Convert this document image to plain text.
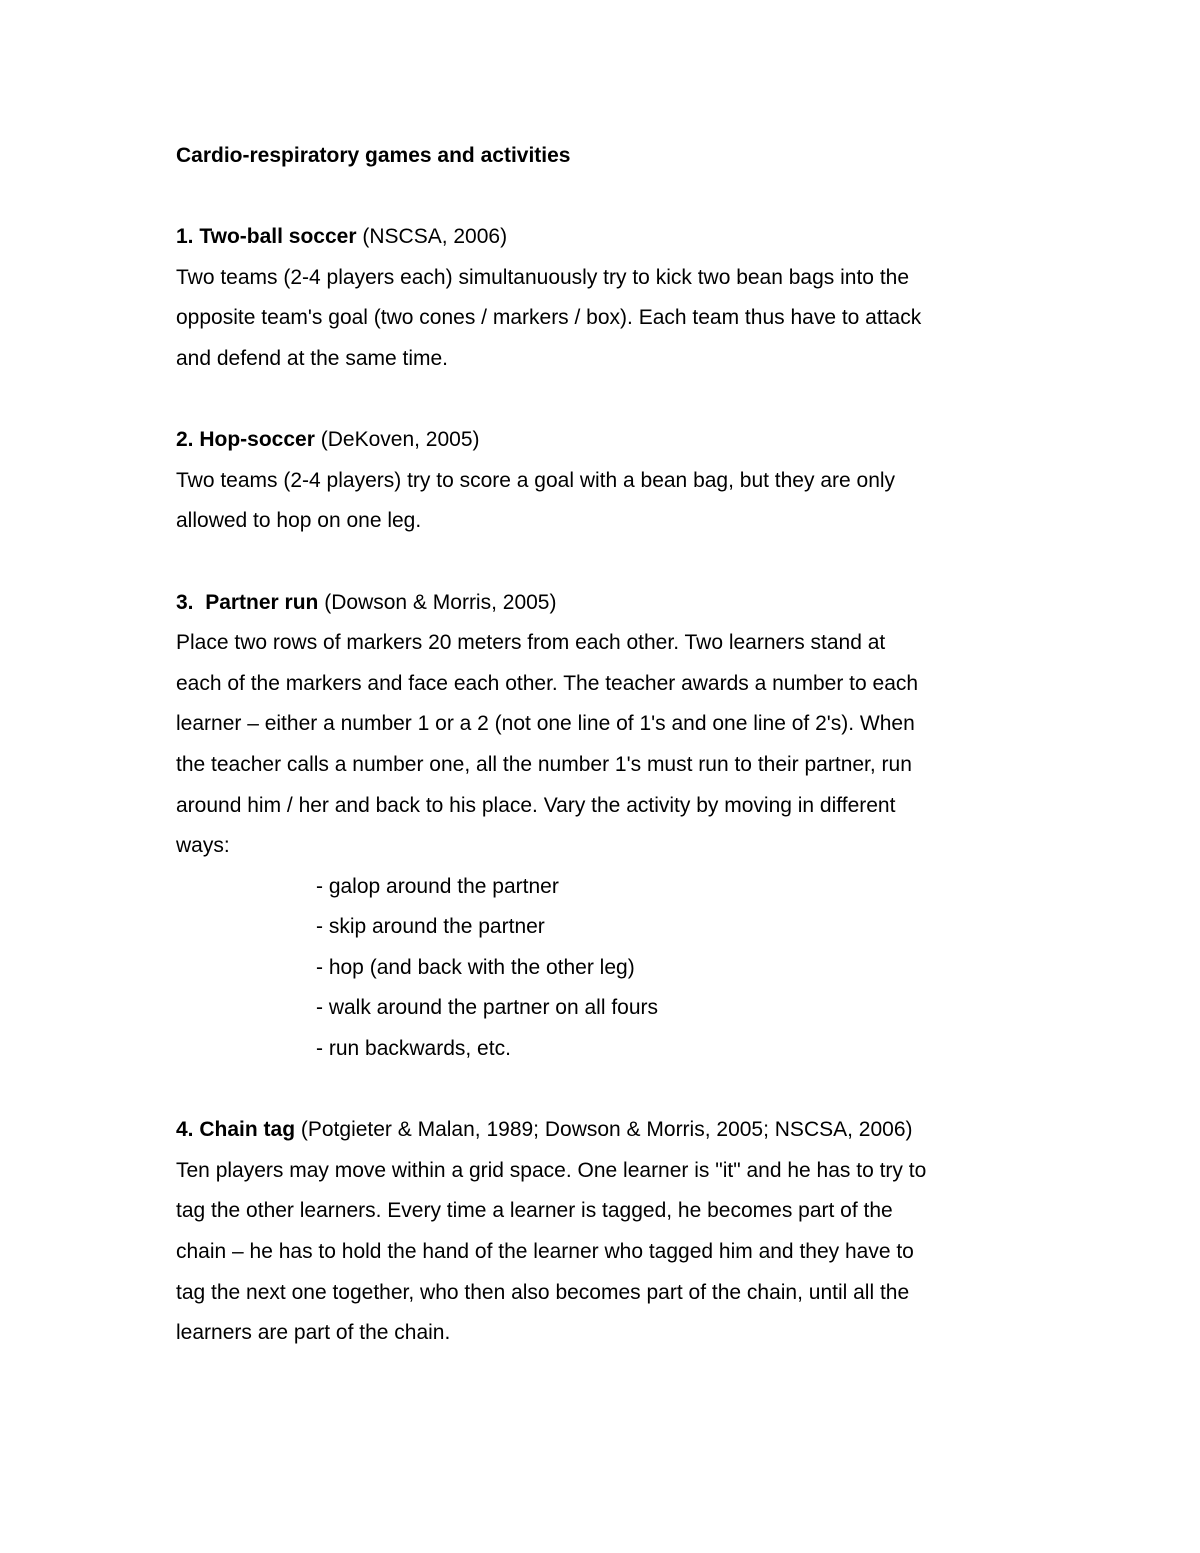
Cardio-respiratory games and activities
1. Two-ball soccer (NSCSA, 2006)
Two teams (2-4 players each) simultanuously try to kick two bean bags into the
opposite team's goal (two cones / markers / box). Each team thus have to attack
and defend at the same time.
2. Hop-soccer (DeKoven, 2005)
Two teams (2-4 players) try to score a goal with a bean bag, but they are only
allowed to hop on one leg.
3. Partner run (Dowson & Morris, 2005)
Place two rows of markers 20 meters from each other. Two learners stand at
each of the markers and face each other. The teacher awards a number to each
learner – either a number 1 or a 2 (not one line of 1's and one line of 2's). When
the teacher calls a number one, all the number 1's must run to their partner, run
around him / her and back to his place. Vary the activity by moving in different
ways:
- galop around the partner
- skip around the partner
- hop (and back with the other leg)
- walk around the partner on all fours
- run backwards, etc.
4. Chain tag (Potgieter & Malan, 1989; Dowson & Morris, 2005; NSCSA, 2006)
Ten players may move within a grid space. One learner is "it" and he has to try to
tag the other learners. Every time a learner is tagged, he becomes part of the
chain – he has to hold the hand of the learner who tagged him and they have to
tag the next one together, who then also becomes part of the chain, until all the
learners are part of the chain.
